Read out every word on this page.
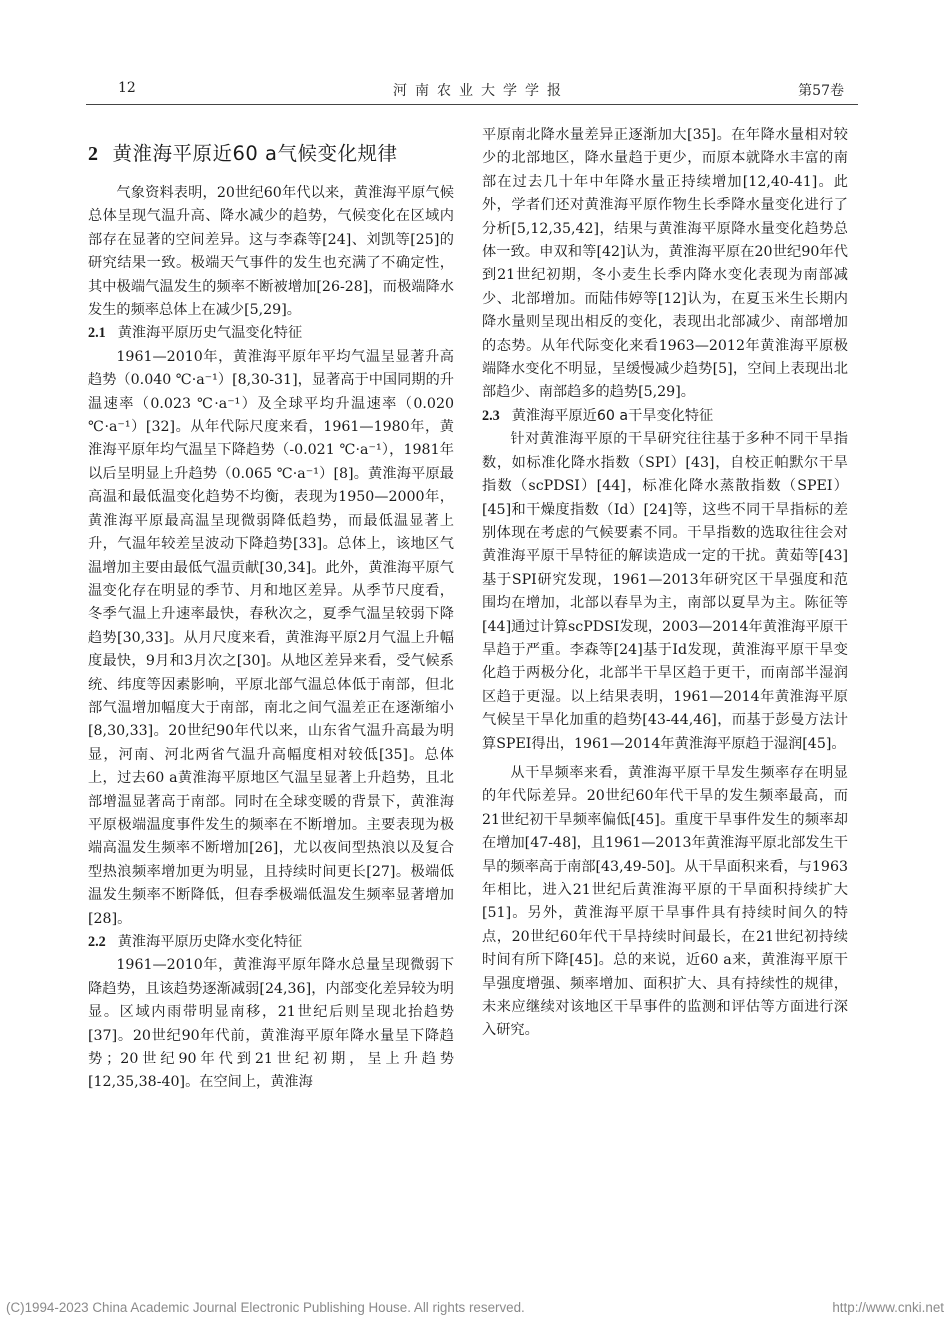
12	河南农业大学学报	第57卷
2 黄淮海平原近60 a气候变化规律

气象资料表明，20世纪60年代以来，黄淮海平原气候总体呈现气温升高、降水减少的趋势，气候变化在区域内部存在显著的空间差异。这与李森等[24]、刘凯等[25]的研究结果一致。极端天气事件的发生也充满了不确定性，其中极端气温发生的频率不断被增加[26-28]，而极端降水发生的频率总体上在减少[5,29]。

2.1 黄淮海平原历史气温变化特征

1961—2010年，黄淮海平原年平均气温呈显著升高趋势（0.040 ℃·a⁻¹）[8,30-31]，显著高于中国同期的升温速率（0.023 ℃·a⁻¹）及全球平均升温速率（0.020 ℃·a⁻¹）[32]。从年代际尺度来看，1961—1980年，黄淮海平原年均气温呈下降趋势（-0.021 ℃·a⁻¹），1981年以后呈明显上升趋势（0.065 ℃·a⁻¹）[8]。黄淮海平原最高温和最低温变化趋势不均衡，表现为1950—2000年，黄淮海平原最高温呈现微弱降低趋势，而最低温显著上升，气温年较差呈波动下降趋势[33]。总体上，该地区气温增加主要由最低气温贡献[30,34]。此外，黄淮海平原气温变化存在明显的季节、月和地区差异。从季节尺度看，冬季气温上升速率最快，春秋次之，夏季气温呈较弱下降趋势[30,33]。从月尺度来看，黄淮海平原2月气温上升幅度最快，9月和3月次之[30]。从地区差异来看，受气候系统、纬度等因素影响，平原北部气温总体低于南部，但北部气温增加幅度大于南部，南北之间气温差正在逐渐缩小[8,30,33]。20世纪90年代以来，山东省气温升高最为明显，河南、河北两省气温升高幅度相对较低[35]。总体上，过去60 a黄淮海平原地区气温呈显著上升趋势，且北部增温显著高于南部。同时在全球变暖的背景下，黄淮海平原极端温度事件发生的频率在不断增加。主要表现为极端高温发生频率不断增加[26]，尤以夜间型热浪以及复合型热浪频率增加更为明显，且持续时间更长[27]。极端低温发生频率不断降低，但春季极端低温发生频率显著增加[28]。

2.2 黄淮海平原历史降水变化特征

1961—2010年，黄淮海平原年降水总量呈现微弱下降趋势，且该趋势逐渐减弱[24,36]，内部变化差异较为明显。区域内雨带明显南移，21世纪后则呈现北抬趋势[37]。20世纪90年代前，黄淮海平原年降水量呈下降趋势；20世纪90年代到21世纪初期，呈上升趋势[12,35,38-40]。在空间上，黄淮海

平原南北降水量差异正逐渐加大[35]。在年降水量相对较少的北部地区，降水量趋于更少，而原本就降水丰富的南部在过去几十年中年降水量正持续增加[12,40-41]。此外，学者们还对黄淮海平原作物生长季降水量变化进行了分析[5,12,35,42]，结果与黄淮海平原降水量变化趋势总体一致。申双和等[42]认为，黄淮海平原在20世纪90年代到21世纪初期，冬小麦生长季内降水变化表现为南部减少、北部增加。而陆伟婷等[12]认为，在夏玉米生长期内降水量则呈现出相反的变化，表现出北部减少、南部增加的态势。从年代际变化来看1963—2012年黄淮海平原极端降水变化不明显，呈缓慢减少趋势[5]，空间上表现出北部趋少、南部趋多的趋势[5,29]。

2.3 黄淮海平原近60 a干旱变化特征

针对黄淮海平原的干旱研究往往基于多种不同干旱指数，如标准化降水指数（SPI）[43]，自校正帕默尔干旱指数（scPDSI）[44]，标准化降水蒸散指数（SPEI）[45]和干燥度指数（Id）[24]等，这些不同干旱指标的差别体现在考虑的气候要素不同。干旱指数的选取往往会对黄淮海平原干旱特征的解读造成一定的干扰。黄茹等[43]基于SPI研究发现，1961—2013年研究区干旱强度和范围均在增加，北部以春旱为主，南部以夏旱为主。陈征等[44]通过计算scPDSI发现，2003—2014年黄淮海平原干旱趋于严重。李森等[24]基于Id发现，黄淮海平原干旱变化趋于两极分化，北部半干旱区趋于更干，而南部半湿润区趋于更湿。以上结果表明，1961—2014年黄淮海平原气候呈干旱化加重的趋势[43-44,46]，而基于彭曼方法计算SPEI得出，1961—2014年黄淮海平原趋于湿润[45]。

从干旱频率来看，黄淮海平原干旱发生频率存在明显的年代际差异。20世纪60年代干旱的发生频率最高，而21世纪初干旱频率偏低[45]。重度干旱事件发生的频率却在增加[47-48]，且1961—2013年黄淮海平原北部发生干旱的频率高于南部[43,49-50]。从干旱面积来看，与1963年相比，进入21世纪后黄淮海平原的干旱面积持续扩大[51]。另外，黄淮海平原干旱事件具有持续时间久的特点，20世纪60年代干旱持续时间最长，在21世纪初持续时间有所下降[45]。总的来说，近60 a来，黄淮海平原干旱强度增强、频率增加、面积扩大、具有持续性的规律，未来应继续对该地区干旱事件的监测和评估等方面进行深入研究。

(C)1994-2023 China Academic Journal Electronic Publishing House. All rights reserved.	http://www.cnki.net
